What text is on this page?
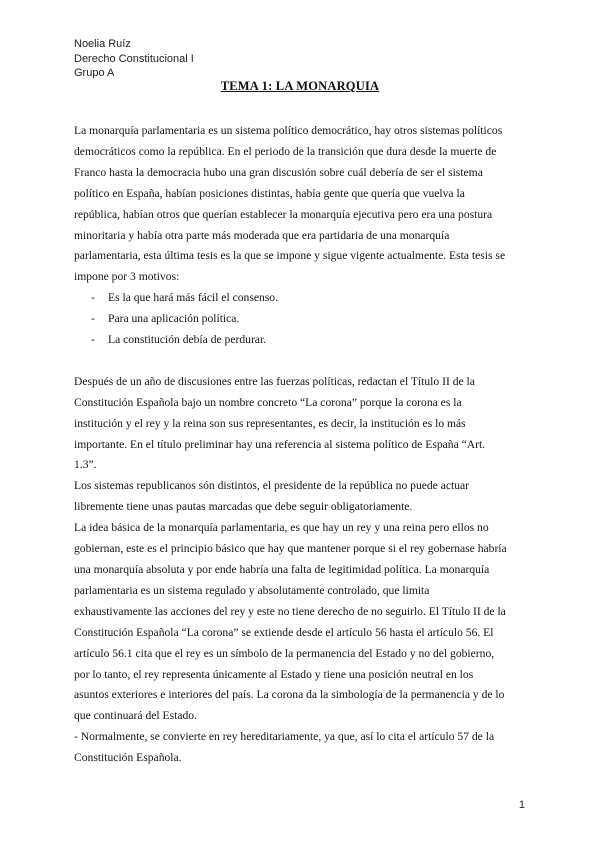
Noelia Ruíz
Derecho Constitucional I
Grupo A
TEMA 1: LA MONARQUIA

La monarquía parlamentaria es un sistema político democrático, hay otros sistemas políticos
democráticos como la república. En el periodo de la transición que dura desde la muerte de
Franco hasta la democracia hubo una gran discusión sobre cuál debería de ser el sistema
político en España, habían posiciones distintas, había gente que quería que vuelva la
república, habían otros que querían establecer la monarquía ejecutiva pero era una postura
minoritaria y había otra parte más moderada que era partidaria de una monarquía
parlamentaria, esta última tesis es la que se impone y sigue vigente actualmente. Esta tesis se
impone por 3 motivos:

- Es la que hará más fácil el consenso.
- Para una aplicación política.
- La constitución debía de perdurar.

Después de un año de discusiones entre las fuerzas políticas, redactan el Título II de la
Constitución Española bajo un nombre concreto “La corona” porque la corona es la
institución y el rey y la reina son sus representantes, es decir, la institución es lo más
importante. En el título preliminar hay una referencia al sistema político de España “Art.
1.3”.

Los sistemas republicanos són distintos, el presidente de la república no puede actuar
libremente tiene unas pautas marcadas que debe seguir obligatoriamente.

La idea básica de la monarquía parlamentaria, es que hay un rey y una reina pero ellos no
gobiernan, este es el principio básico que hay que mantener porque si el rey gobernase habría
una monarquía absoluta y por ende habría una falta de legitimidad política. La monarquía
parlamentaria es un sistema regulado y absolutamente controlado, que limita
exhaustivamente las acciones del rey y este no tiene derecho de no seguirlo. El Título II de la
Constitución Española “La corona” se extiende desde el artículo 56 hasta el artículo 56. El
artículo 56.1 cita que el rey es un símbolo de la permanencia del Estado y no del gobierno,
por lo tanto, el rey representa únicamente al Estado y tiene una posición neutral en los
asuntos exteriores e interiores del país. La corona da la simbología de la permanencia y de lo
que continuará del Estado.

- Normalmente, se convierte en rey hereditariamente, ya que, así lo cita el artículo 57 de la
Constitución Española.

1
